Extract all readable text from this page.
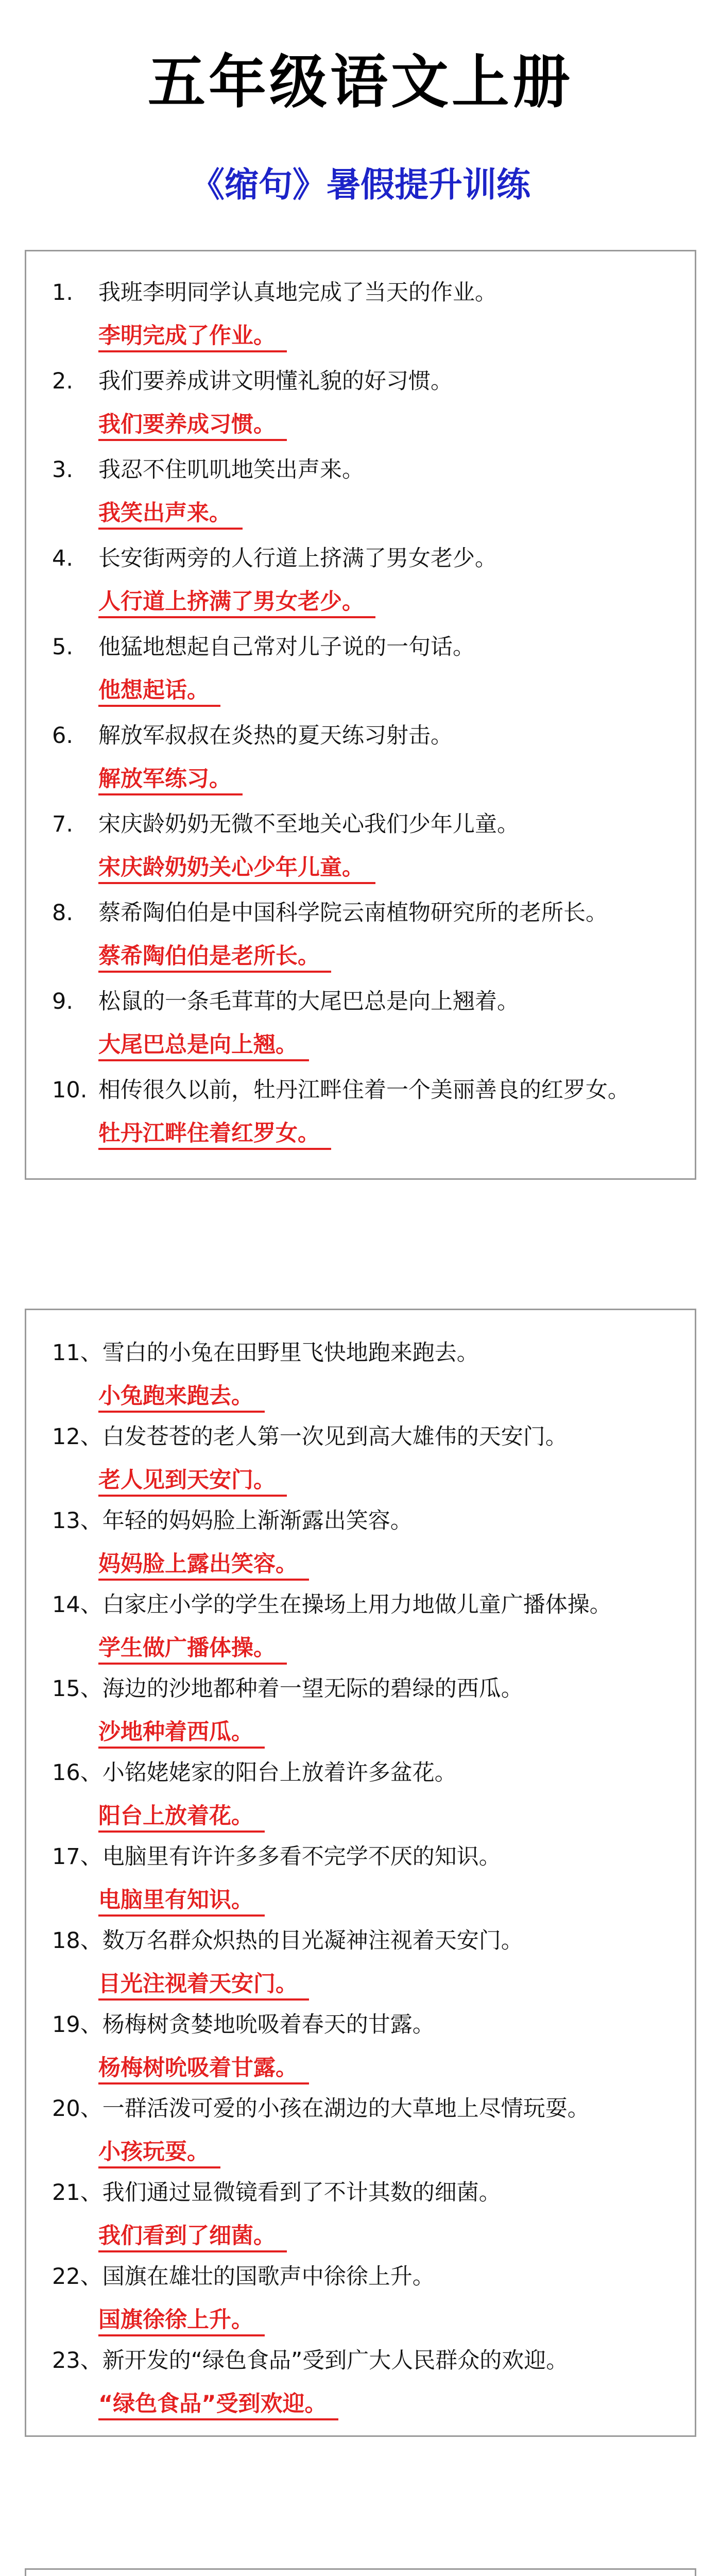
五年级语文上册
《缩句》暑假提升训练
1. 我班李明同学认真地完成了当天的作业。
李明完成了作业。
2. 我们要养成讲文明懂礼貌的好习惯。
我们要养成习惯。
3. 我忍不住叽叽地笑出声来。
我笑出声来。
4. 长安街两旁的人行道上挤满了男女老少。
人行道上挤满了男女老少。
5. 他猛地想起自己常对儿子说的一句话。
他想起话。
6. 解放军叔叔在炎热的夏天练习射击。
解放军练习。
7. 宋庆龄奶奶无微不至地关心我们少年儿童。
宋庆龄奶奶关心少年儿童。
8. 蔡希陶伯伯是中国科学院云南植物研究所的老所长。
蔡希陶伯伯是老所长。
9. 松鼠的一条毛茸茸的大尾巴总是向上翘着。
大尾巴总是向上翘。
10. 相传很久以前，牡丹江畔住着一个美丽善良的红罗女。
牡丹江畔住着红罗女。
11、雪白的小兔在田野里飞快地跑来跑去。
小兔跑来跑去。
12、白发苍苍的老人第一次见到高大雄伟的天安门。
老人见到天安门。
13、年轻的妈妈脸上渐渐露出笑容。
妈妈脸上露出笑容。
14、白家庄小学的学生在操场上用力地做儿童广播体操。
学生做广播体操。
15、海边的沙地都种着一望无际的碧绿的西瓜。
沙地种着西瓜。
16、小铭姥姥家的阳台上放着许多盆花。
阳台上放着花。
17、电脑里有许许多多看不完学不厌的知识。
电脑里有知识。
18、数万名群众炽热的目光凝神注视着天安门。
目光注视着天安门。
19、杨梅树贪婪地吮吸着春天的甘露。
杨梅树吮吸着甘露。
20、一群活泼可爱的小孩在湖边的大草地上尽情玩耍。
小孩玩耍。
21、我们通过显微镜看到了不计其数的细菌。
我们看到了细菌。
22、国旗在雄壮的国歌声中徐徐上升。
国旗徐徐上升。
23、新开发的“绿色食品”受到广大人民群众的欢迎。
“绿色食品”受到欢迎。
